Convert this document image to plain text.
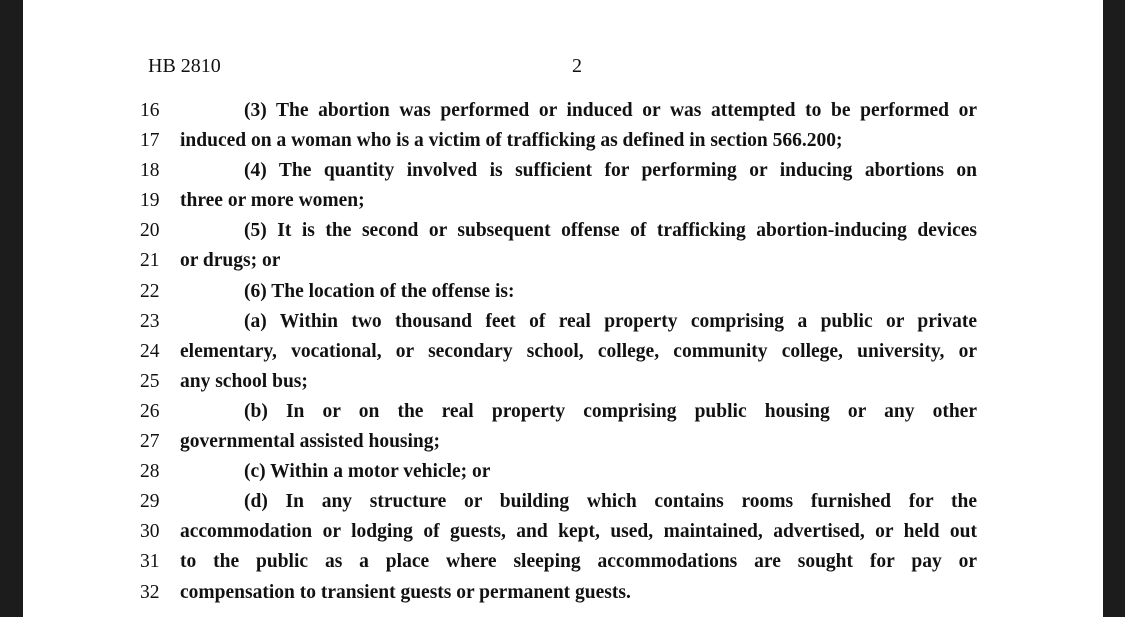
HB 2810	2
16	(3) The abortion was performed or induced or was attempted to be performed or
17	induced on a woman who is a victim of trafficking as defined in section 566.200;
18	(4) The quantity involved is sufficient for performing or inducing abortions on
19	three or more women;
20	(5) It is the second or subsequent offense of trafficking abortion-inducing devices
21	or drugs; or
22	(6) The location of the offense is:
23	(a) Within two thousand feet of real property comprising a public or private
24	elementary, vocational, or secondary school, college, community college, university, or
25	any school bus;
26	(b) In or on the real property comprising public housing or any other
27	governmental assisted housing;
28	(c) Within a motor vehicle; or
29	(d) In any structure or building which contains rooms furnished for the
30	accommodation or lodging of guests, and kept, used, maintained, advertised, or held out
31	to the public as a place where sleeping accommodations are sought for pay or
32	compensation to transient guests or permanent guests.
